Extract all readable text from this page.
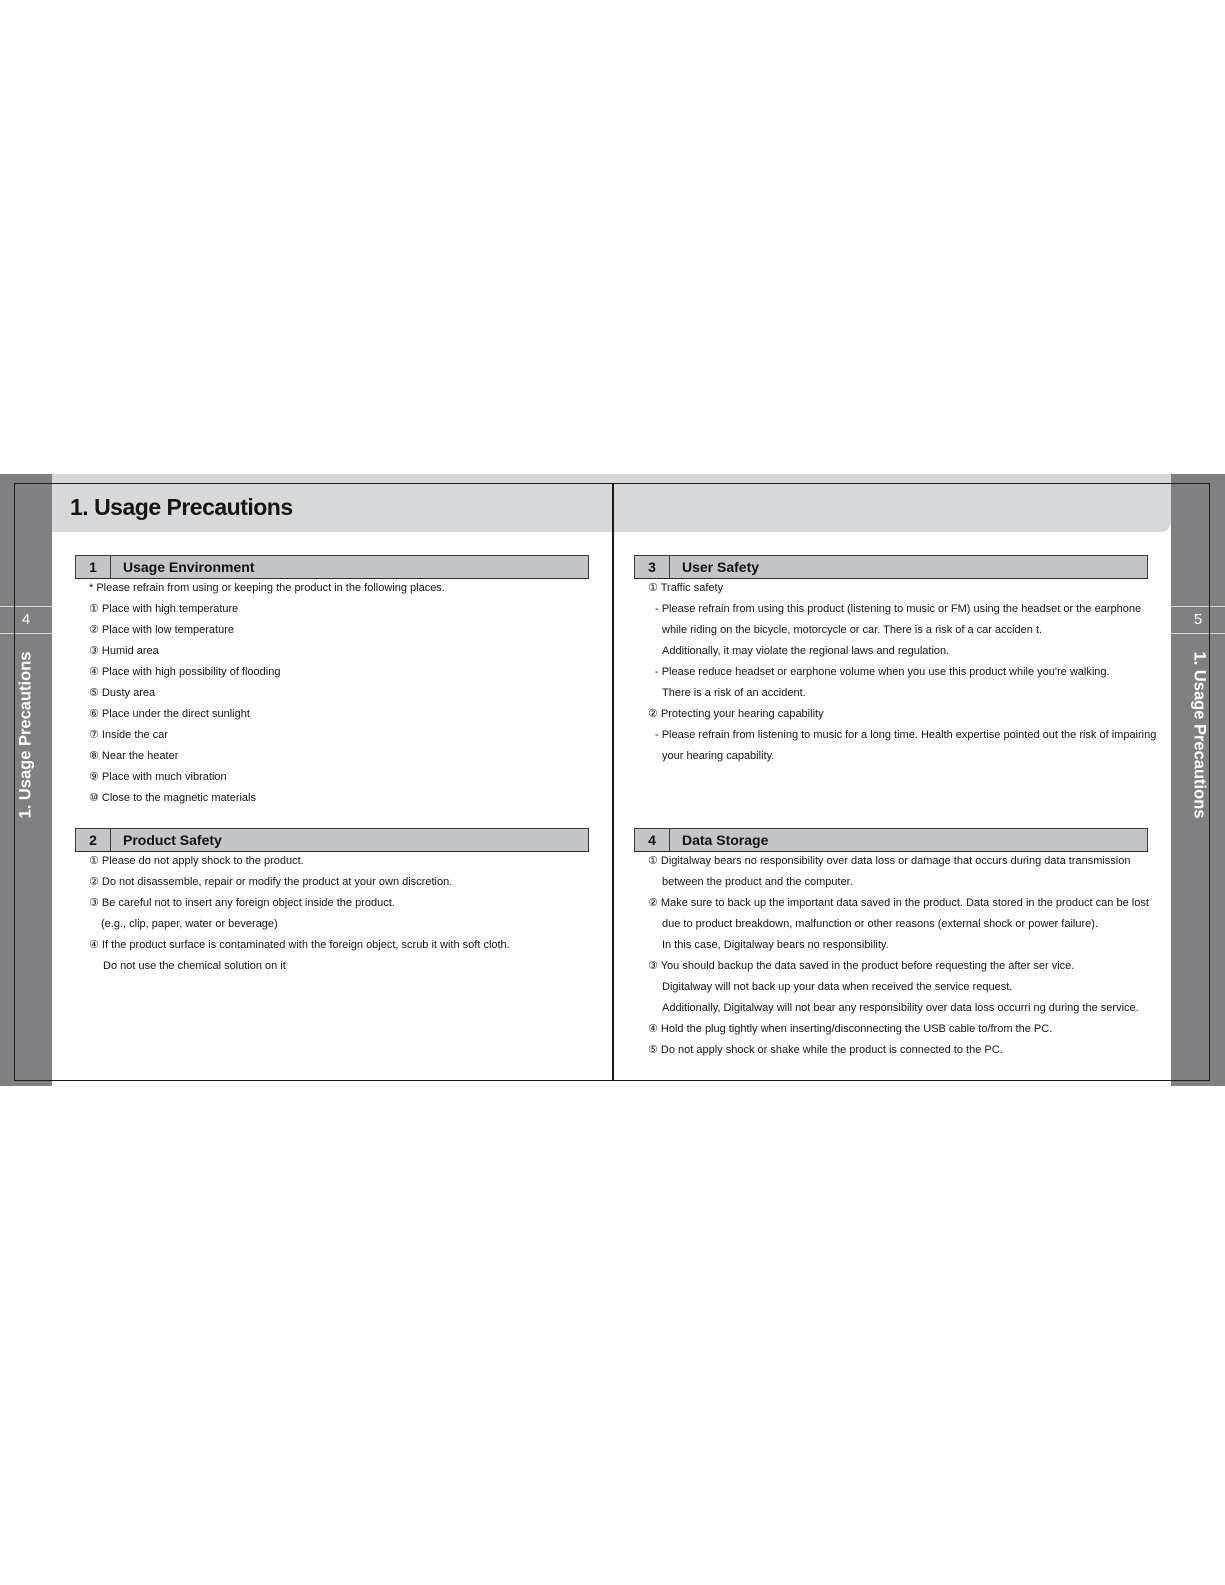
4	5
1. Usage Precautions	1. Usage Precautions
1. Usage Precautions
1	Usage Environment
* Please refrain from using or keeping the product in the following places.
① Place with high temperature
② Place with low temperature
③ Humid area
④ Place with high possibility of flooding
⑤ Dusty area
⑥ Place under the direct sunlight
⑦ Inside the car
⑧ Near the heater
⑨ Place with much vibration
⑩ Close to the magnetic materials
2	Product Safety
① Please do not apply shock to the product.
② Do not disassemble, repair or modify the product at your own discretion.
③ Be careful not to insert any foreign object inside the product.
(e.g., clip, paper, water or beverage)
④ If the product surface is contaminated with the foreign object, scrub it with soft cloth.
Do not use the chemical solution on it
3	User Safety
① Traffic safety
- Please refrain from using this product (listening to music or FM) using the headset or the earphone
while riding on the bicycle, motorcycle or car. There is a risk of a car acciden t.
Additionally, it may violate the regional laws and regulation.
- Please reduce headset or earphone volume when you use this product while you're walking.
There is a risk of an accident.
② Protecting your hearing capability
- Please refrain from listening to music for a long time. Health expertise pointed out the risk of impairing
your hearing capability.
4	Data Storage
① Digitalway bears no responsibility over data loss or damage that occurs during data transmission
between the product and the computer.
② Make sure to back up the important data saved in the product. Data stored in the product can be lost
due to product breakdown, malfunction or other reasons (external shock or power failure).
In this case, Digitalway bears no responsibility.
③ You should backup the data saved in the product before requesting the after ser vice.
Digitalway will not back up your data when received the service request.
Additionally, Digitalway will not bear any responsibility over data loss occurri ng during the service.
④ Hold the plug tightly when inserting/disconnecting the USB cable to/from the PC.
⑤ Do not apply shock or shake while the product is connected to the PC.
